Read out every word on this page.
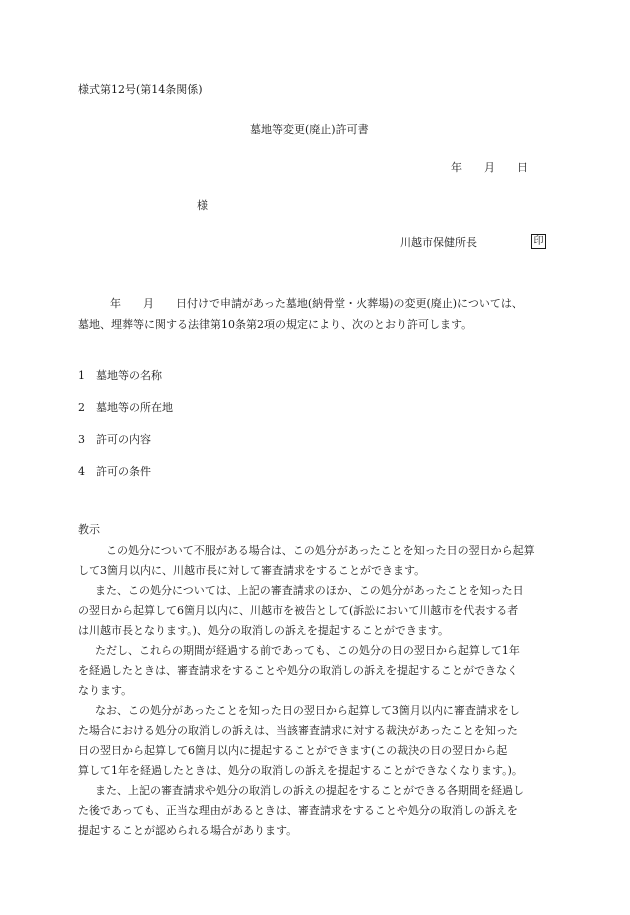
様式第12号(第14条関係)
墓地等変更(廃止)許可書
年 月 日
様
川越市保健所長	印
年　　月　　日付けで申請があった墓地(納骨堂・火葬場)の変更(廃止)については、
墓地、埋葬等に関する法律第10条第2項の規定により、次のとおり許可します。
1 墓地等の名称
2 墓地等の所在地
3 許可の内容
4 許可の条件
教示

この処分について不服がある場合は、この処分があったことを知った日の翌日から起算
して3箇月以内に、川越市長に対して審査請求をすることができます。

また、この処分については、上記の審査請求のほか、この処分があったことを知った日
の翌日から起算して6箇月以内に、川越市を被告として(訴訟において川越市を代表する者
は川越市長となります。)、処分の取消しの訴えを提起することができます。

ただし、これらの期間が経過する前であっても、この処分の日の翌日から起算して1年
を経過したときは、審査請求をすることや処分の取消しの訴えを提起することができなく
なります。

なお、この処分があったことを知った日の翌日から起算して3箇月以内に審査請求をし
た場合における処分の取消しの訴えは、当該審査請求に対する裁決があったことを知った
日の翌日から起算して6箇月以内に提起することができます(この裁決の日の翌日から起
算して1年を経過したときは、処分の取消しの訴えを提起することができなくなります。)。

また、上記の審査請求や処分の取消しの訴えの提起をすることができる各期間を経過し
た後であっても、正当な理由があるときは、審査請求をすることや処分の取消しの訴えを
提起することが認められる場合があります。
